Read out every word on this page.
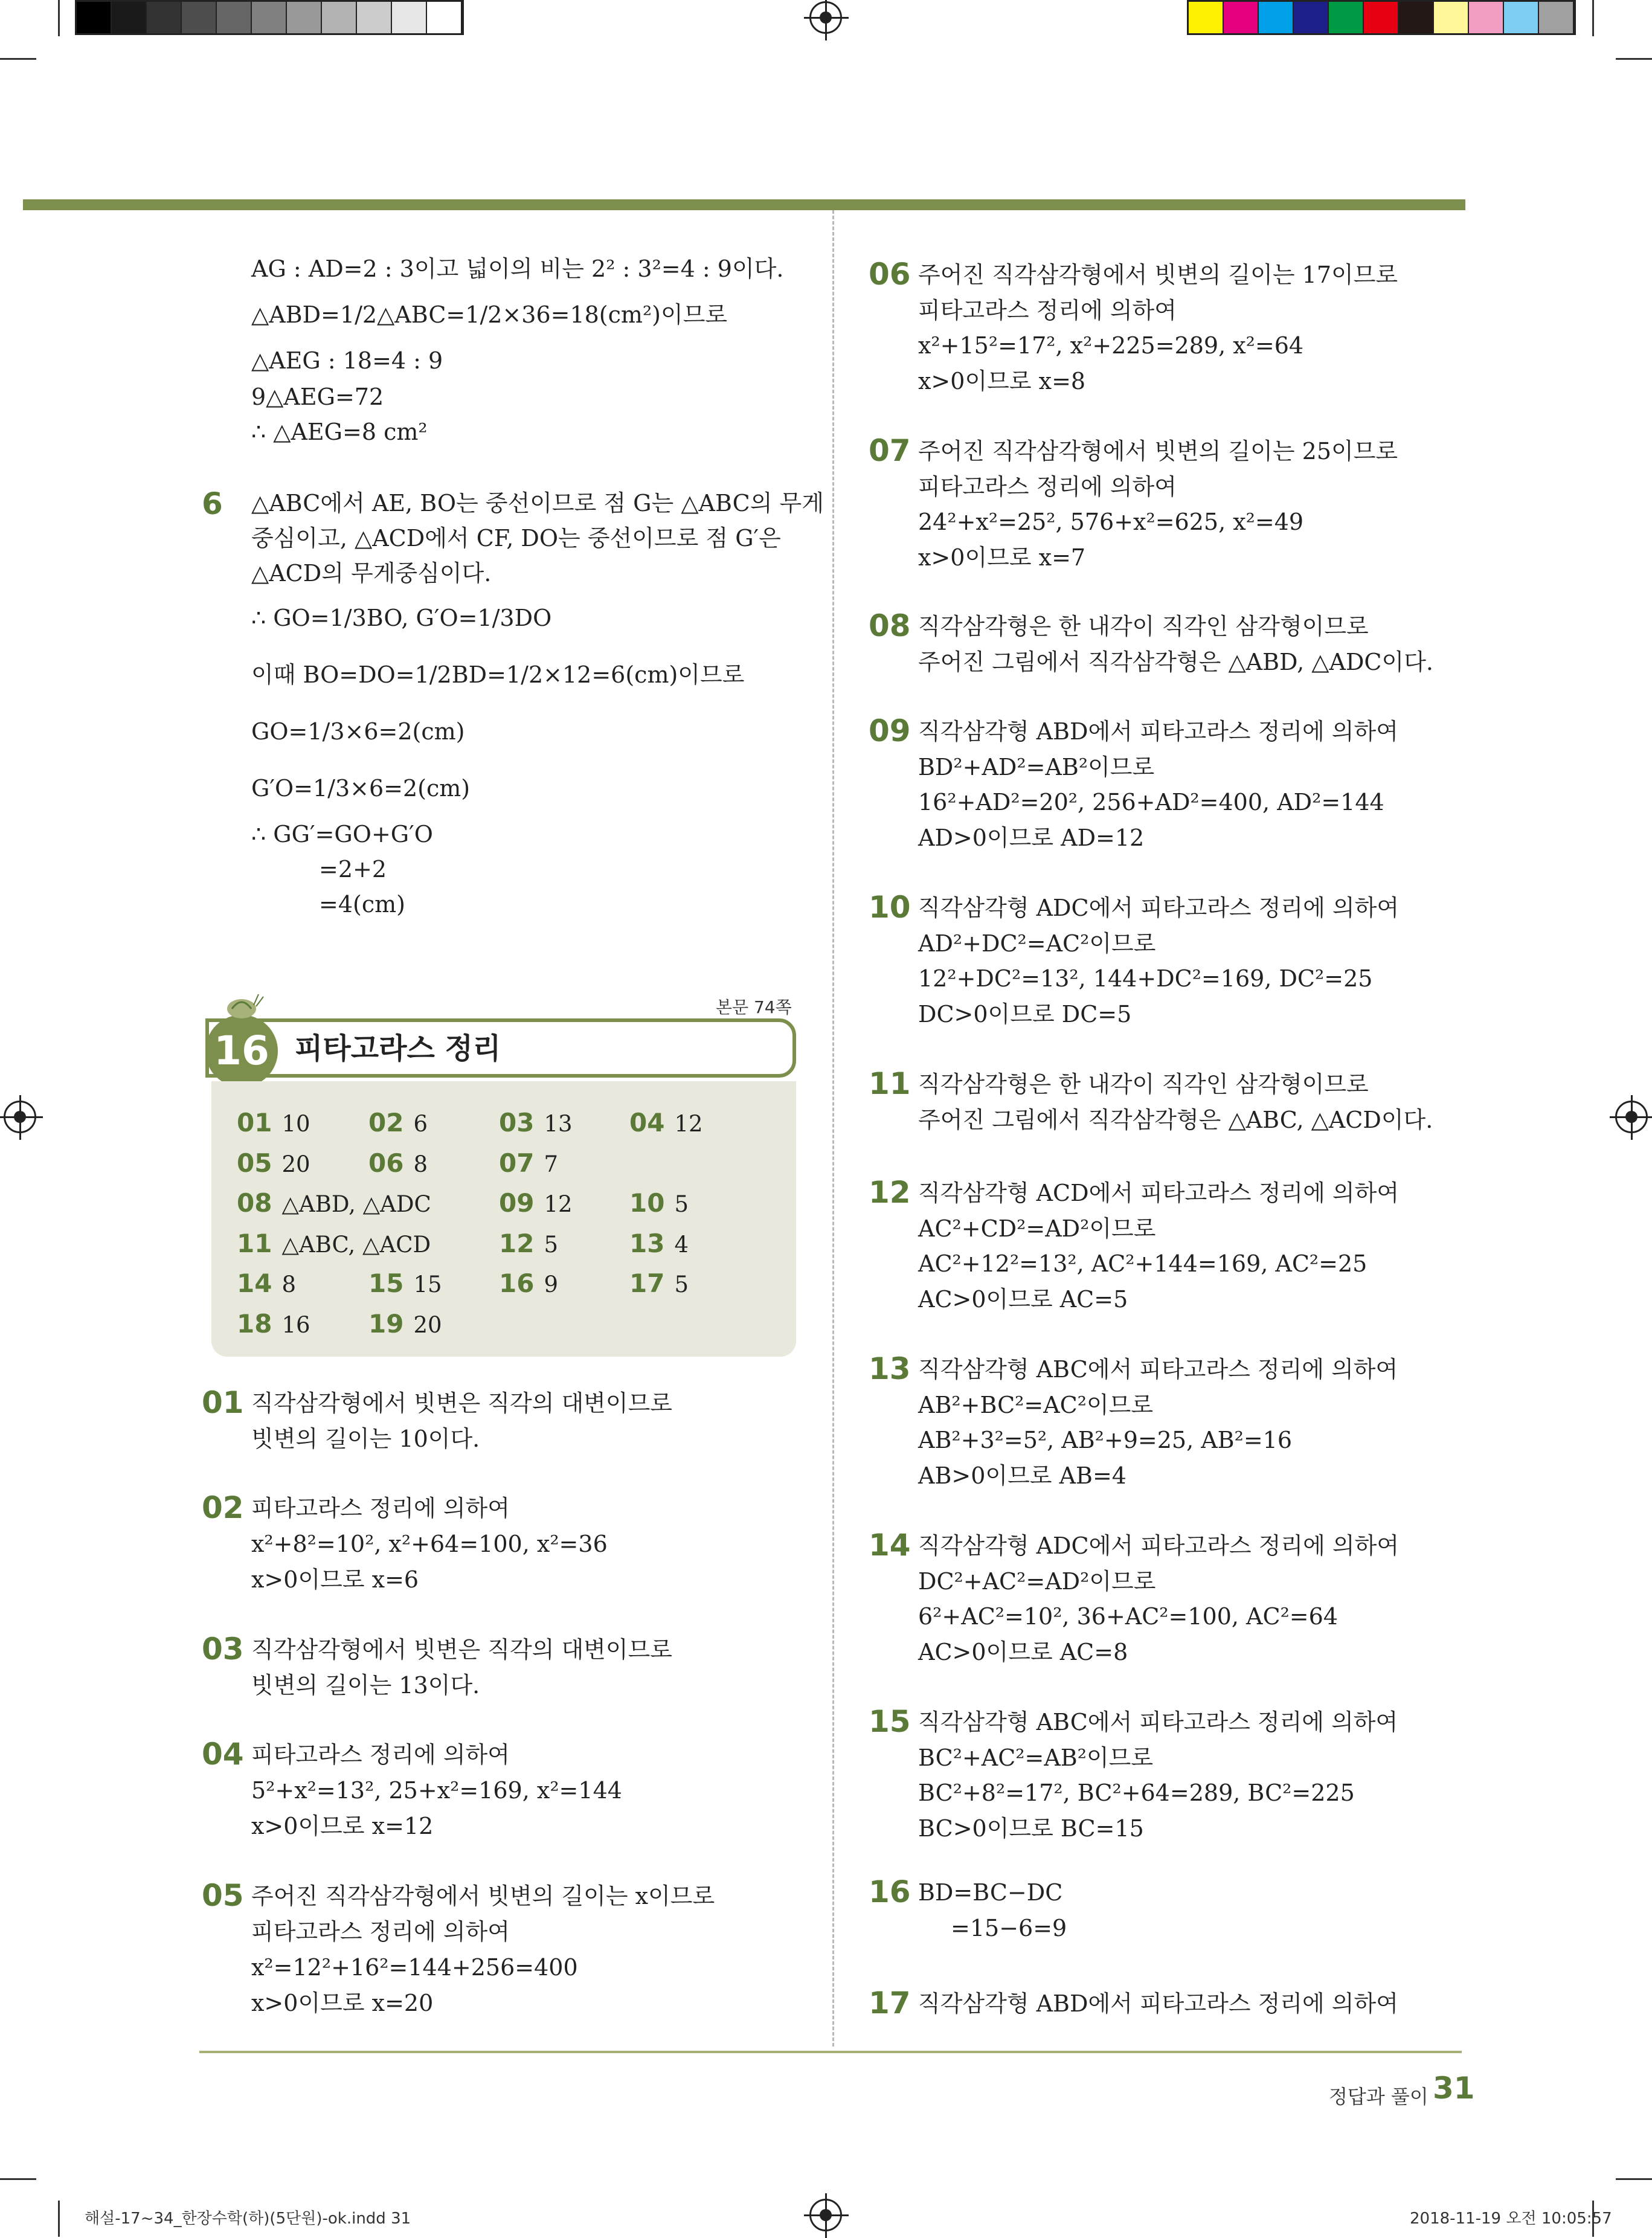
AG : AD=2 : 3이고 넓이의 비는 2² : 3²=4 : 9이다.
△ABD=1/2△ABC=1/2×36=18(cm²)이므로
△AEG : 18=4 : 9
9△AEG=72
∴ △AEG=8 cm²
6 △ABC에서 AE, BO는 중선이므로 점 G는 △ABC의 무게
중심이고, △ACD에서 CF, DO는 중선이므로 점 G′은
△ACD의 무게중심이다.
∴ GO=1/3BO, G′O=1/3DO
이때 BO=DO=1/2BD=1/2×12=6(cm)이므로
GO=1/3×6=2(cm)
G′O=1/3×6=2(cm)
∴ GG′=GO+G′O
=2+2
=4(cm)
본문 74쪽
16 피타고라스 정리
정답과 풀이 31
해설-17~34_한장수학(하)(5단원)-ok.indd 31	2018-11-19 오전 10:05:57
01 10 02 6	03 13 04 12
05 20 06 8	07 7
08 △ABD, △ADC	09 12 10 5
11 △ABC, △ACD	12 5	13 4
14 8	15 15 16 9	17 5
18 16 19 20
01 직각삼각형에서 빗변은 직각의 대변이므로
빗변의 길이는 10이다.
02 피타고라스 정리에 의하여
x²+8²=10², x²+64=100, x²=36
x>0이므로 x=6
03 직각삼각형에서 빗변은 직각의 대변이므로
빗변의 길이는 13이다.
04 피타고라스 정리에 의하여
5²+x²=13², 25+x²=169, x²=144
x>0이므로 x=12
05 주어진 직각삼각형에서 빗변의 길이는 x이므로
피타고라스 정리에 의하여
x²=12²+16²=144+256=400
x>0이므로 x=20
06 주어진 직각삼각형에서 빗변의 길이는 17이므로
피타고라스 정리에 의하여
x²+15²=17², x²+225=289, x²=64
x>0이므로 x=8
07 주어진 직각삼각형에서 빗변의 길이는 25이므로
피타고라스 정리에 의하여
24²+x²=25², 576+x²=625, x²=49
x>0이므로 x=7
08 직각삼각형은 한 내각이 직각인 삼각형이므로
주어진 그림에서 직각삼각형은 △ABD, △ADC이다.
09 직각삼각형 ABD에서 피타고라스 정리에 의하여
BD²+AD²=AB²이므로
16²+AD²=20², 256+AD²=400, AD²=144
AD>0이므로 AD=12
10 직각삼각형 ADC에서 피타고라스 정리에 의하여
AD²+DC²=AC²이므로
12²+DC²=13², 144+DC²=169, DC²=25
DC>0이므로 DC=5
11 직각삼각형은 한 내각이 직각인 삼각형이므로
주어진 그림에서 직각삼각형은 △ABC, △ACD이다.
12 직각삼각형 ACD에서 피타고라스 정리에 의하여
AC²+CD²=AD²이므로
AC²+12²=13², AC²+144=169, AC²=25
AC>0이므로 AC=5
13 직각삼각형 ABC에서 피타고라스 정리에 의하여
AB²+BC²=AC²이므로
AB²+3²=5², AB²+9=25, AB²=16
AB>0이므로 AB=4
14 직각삼각형 ADC에서 피타고라스 정리에 의하여
DC²+AC²=AD²이므로
6²+AC²=10², 36+AC²=100, AC²=64
AC>0이므로 AC=8
15 직각삼각형 ABC에서 피타고라스 정리에 의하여
BC²+AC²=AB²이므로
BC²+8²=17², BC²+64=289, BC²=225
BC>0이므로 BC=15
16 BD=BC−DC
=15−6=9
17 직각삼각형 ABD에서 피타고라스 정리에 의하여
